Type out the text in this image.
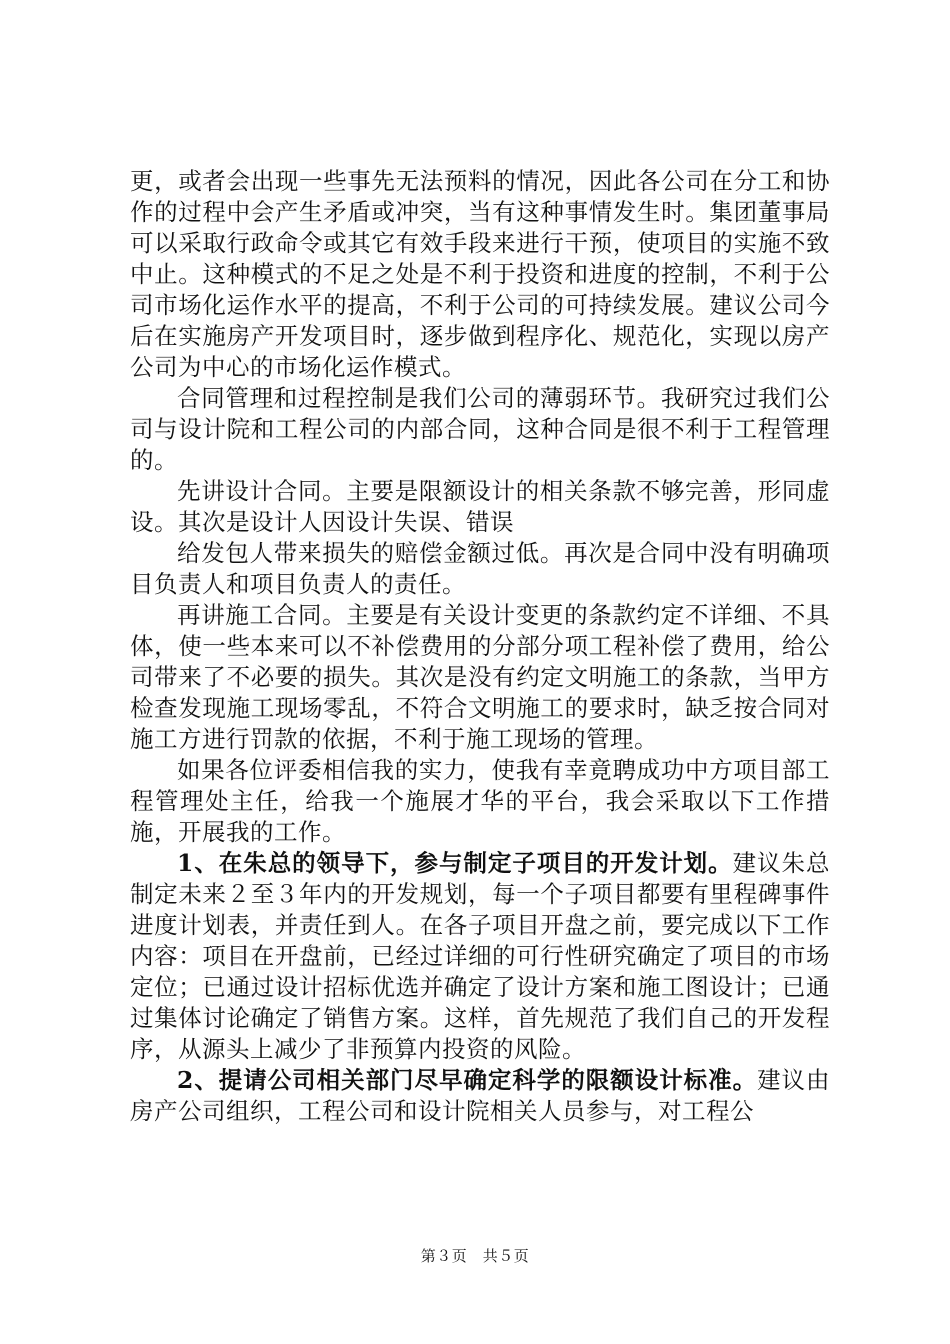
更，或者会出现一些事先无法预料的情况，因此各公司在分工和协作的过程中会产生矛盾或冲突，当有这种事情发生时。集团董事局可以采取行政命令或其它有效手段来进行干预，使项目的实施不致中止。这种模式的不足之处是不利于投资和进度的控制，不利于公司市场化运作水平的提高，不利于公司的可持续发展。建议公司今后在实施房产开发项目时，逐步做到程序化、规范化，实现以房产公司为中心的市场化运作模式。

合同管理和过程控制是我们公司的薄弱环节。我研究过我们公司与设计院和工程公司的内部合同，这种合同是很不利于工程管理的。

先讲设计合同。主要是限额设计的相关条款不够完善，形同虚设。其次是设计人因设计失误、错误

给发包人带来损失的赔偿金额过低。再次是合同中没有明确项目负责人和项目负责人的责任。

再讲施工合同。主要是有关设计变更的条款约定不详细、不具体，使一些本来可以不补偿费用的分部分项工程补偿了费用，给公司带来了不必要的损失。其次是没有约定文明施工的条款，当甲方检查发现施工现场零乱，不符合文明施工的要求时，缺乏按合同对施工方进行罚款的依据，不利于施工现场的管理。

如果各位评委相信我的实力，使我有幸竟聘成功中方项目部工程管理处主任，给我一个施展才华的平台，我会采取以下工作措施，开展我的工作。

1、在朱总的领导下，参与制定子项目的开发计划。建议朱总制定未来２至３年内的开发规划，每一个子项目都要有里程碑事件进度计划表，并责任到人。在各子项目开盘之前，要完成以下工作内容：项目在开盘前，已经过详细的可行性研究确定了项目的市场定位；已通过设计招标优选并确定了设计方案和施工图设计；已通过集体讨论确定了销售方案。这样，首先规范了我们自己的开发程序，从源头上减少了非预算内投资的风险。

2、提请公司相关部门尽早确定科学的限额设计标准。建议由房产公司组织，工程公司和设计院相关人员参与，对工程公

第３页　共５页
